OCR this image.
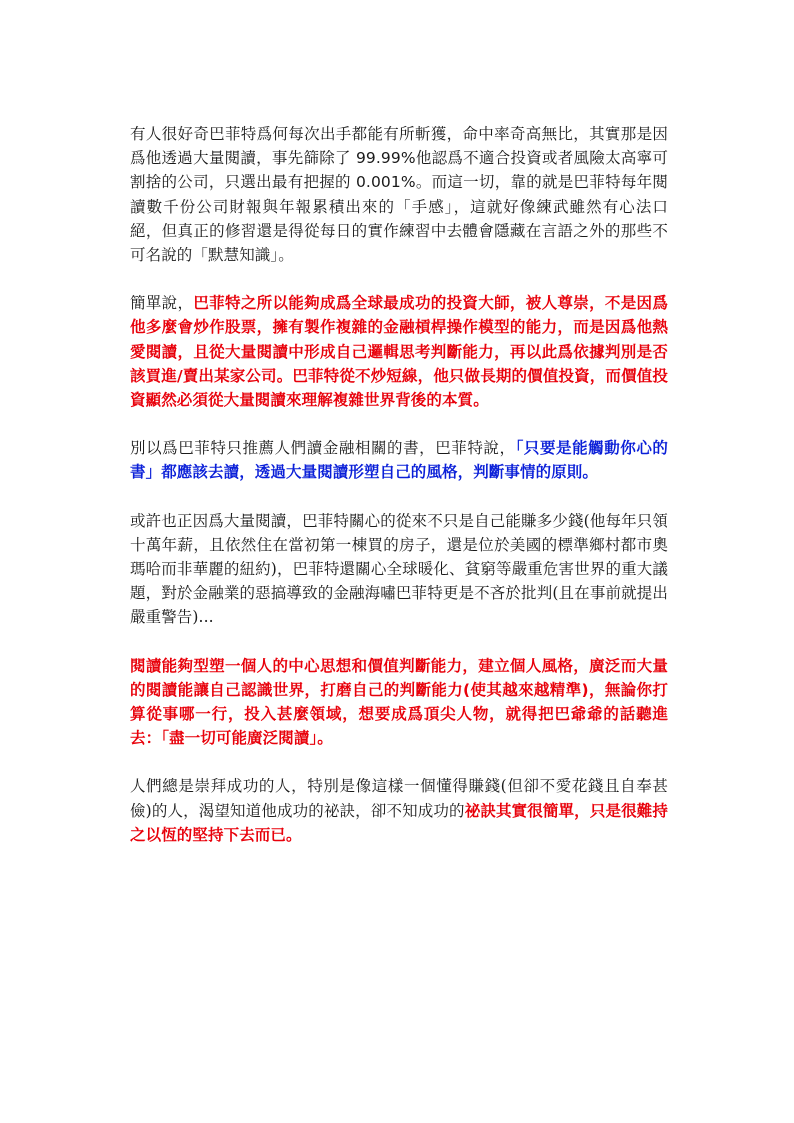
有人很好奇巴菲特爲何每次出手都能有所斬獲，命中率奇高無比，其實那是因爲他透過大量閱讀，事先篩除了 99.99%他認爲不適合投資或者風險太高寧可割捨的公司，只選出最有把握的 0.001%。而這一切，靠的就是巴菲特每年閱讀數千份公司財報與年報累積出來的「手感」，這就好像練武雖然有心法口絕，但真正的修習還是得從每日的實作練習中去體會隱藏在言語之外的那些不可名說的「默慧知識」。

簡單說，巴菲特之所以能夠成爲全球最成功的投資大師，被人尊崇，不是因爲他多麼會炒作股票，擁有製作複雜的金融槓桿操作模型的能力，而是因爲他熱愛閱讀，且從大量閱讀中形成自己邏輯思考判斷能力，再以此爲依據判別是否該買進/賣出某家公司。巴菲特從不炒短線，他只做長期的價值投資，而價值投資顯然必須從大量閱讀來理解複雜世界背後的本質。

別以爲巴菲特只推薦人們讀金融相關的書，巴菲特說，「只要是能觸動你心的書」都應該去讀，透過大量閱讀形塑自己的風格，判斷事情的原則。

或許也正因爲大量閱讀，巴菲特關心的從來不只是自己能賺多少錢(他每年只領十萬年薪，且依然住在當初第一棟買的房子，還是位於美國的標準鄉村都市奧瑪哈而非華麗的紐約)，巴菲特還關心全球暖化、貧窮等嚴重危害世界的重大議題，對於金融業的惡搞導致的金融海嘯巴菲特更是不吝於批判(且在事前就提出嚴重警告)...

閱讀能夠型塑一個人的中心思想和價值判斷能力，建立個人風格，廣泛而大量的閱讀能讓自己認識世界，打磨自己的判斷能力(使其越來越精準)，無論你打算從事哪一行，投入甚麼領域，想要成爲頂尖人物，就得把巴爺爺的話聽進去：「盡一切可能廣泛閱讀」。

人們總是崇拜成功的人，特別是像這樣一個懂得賺錢(但卻不愛花錢且自奉甚儉)的人，渴望知道他成功的祕訣，卻不知成功的祕訣其實很簡單，只是很難持之以恆的堅持下去而已。
